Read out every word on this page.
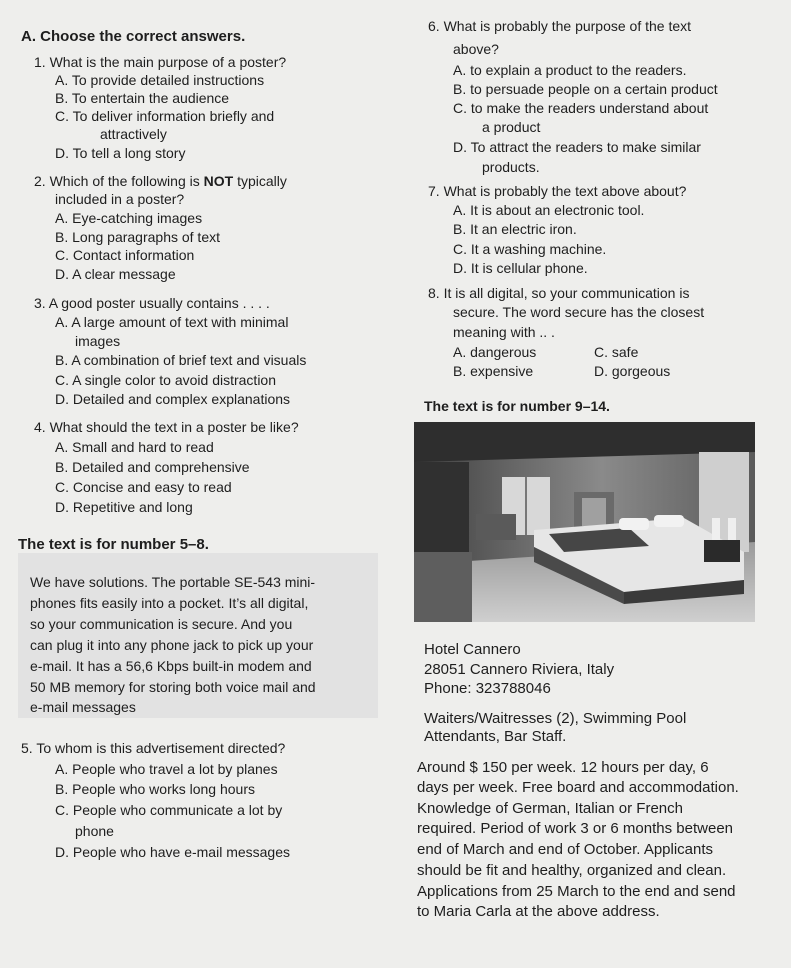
A. Choose the correct answers.
1. What is the main purpose of a poster?
A. To provide detailed instructions
B. To entertain the audience
C. To deliver information briefly and
attractively
D. To tell a long story
2. Which of the following is NOT typically
included in a poster?
A. Eye-catching images
B. Long paragraphs of text
C. Contact information
D. A clear message
3. A good poster usually contains . . . .
A. A large amount of text with minimal
images
B. A combination of brief text and visuals
C. A single color to avoid distraction
D. Detailed and complex explanations
4. What should the text in a poster be like?
A. Small and hard to read
B. Detailed and comprehensive
C. Concise and easy to read
D. Repetitive and long
The text is for number 5–8.
We have solutions. The portable SE-543 mini-
phones fits easily into a pocket. It’s all digital,
so your communication is secure. And you
can plug it into any phone jack to pick up your
e-mail. It has a 56,6 Kbps built-in modem and
50 MB memory for storing both voice mail and
e-mail messages
5. To whom is this advertisement directed?
A. People who travel a lot by planes
B. People who works long hours
C. People who communicate a lot by
phone
D. People who have e-mail messages
6. What is probably the purpose of the text
above?
A. to explain a product to the readers.
B. to persuade people on a certain product
C. to make the readers understand about
a product
D. To attract the readers to make similar
products.
7. What is probably the text above about?
A. It is about an electronic tool.
B. It an electric iron.
C. It a washing machine.
D. It is cellular phone.
8. It is all digital, so your communication is
secure. The word secure has the closest
meaning with .. .
A. dangerous	C. safe
B. expensive	D. gorgeous
The text is for number 9–14.
Hotel Cannero
28051 Cannero Riviera, Italy
Phone: 323788046
Waiters/Waitresses (2), Swimming Pool
Attendants, Bar Staff.
Around $ 150 per week. 12 hours per day, 6
days per week. Free board and accommodation.
Knowledge of German, Italian or French
required. Period of work 3 or 6 months between
end of March and end of October. Applicants
should be fit and healthy, organized and clean.
Applications from 25 March to the end and send
to Maria Carla at the above address.
